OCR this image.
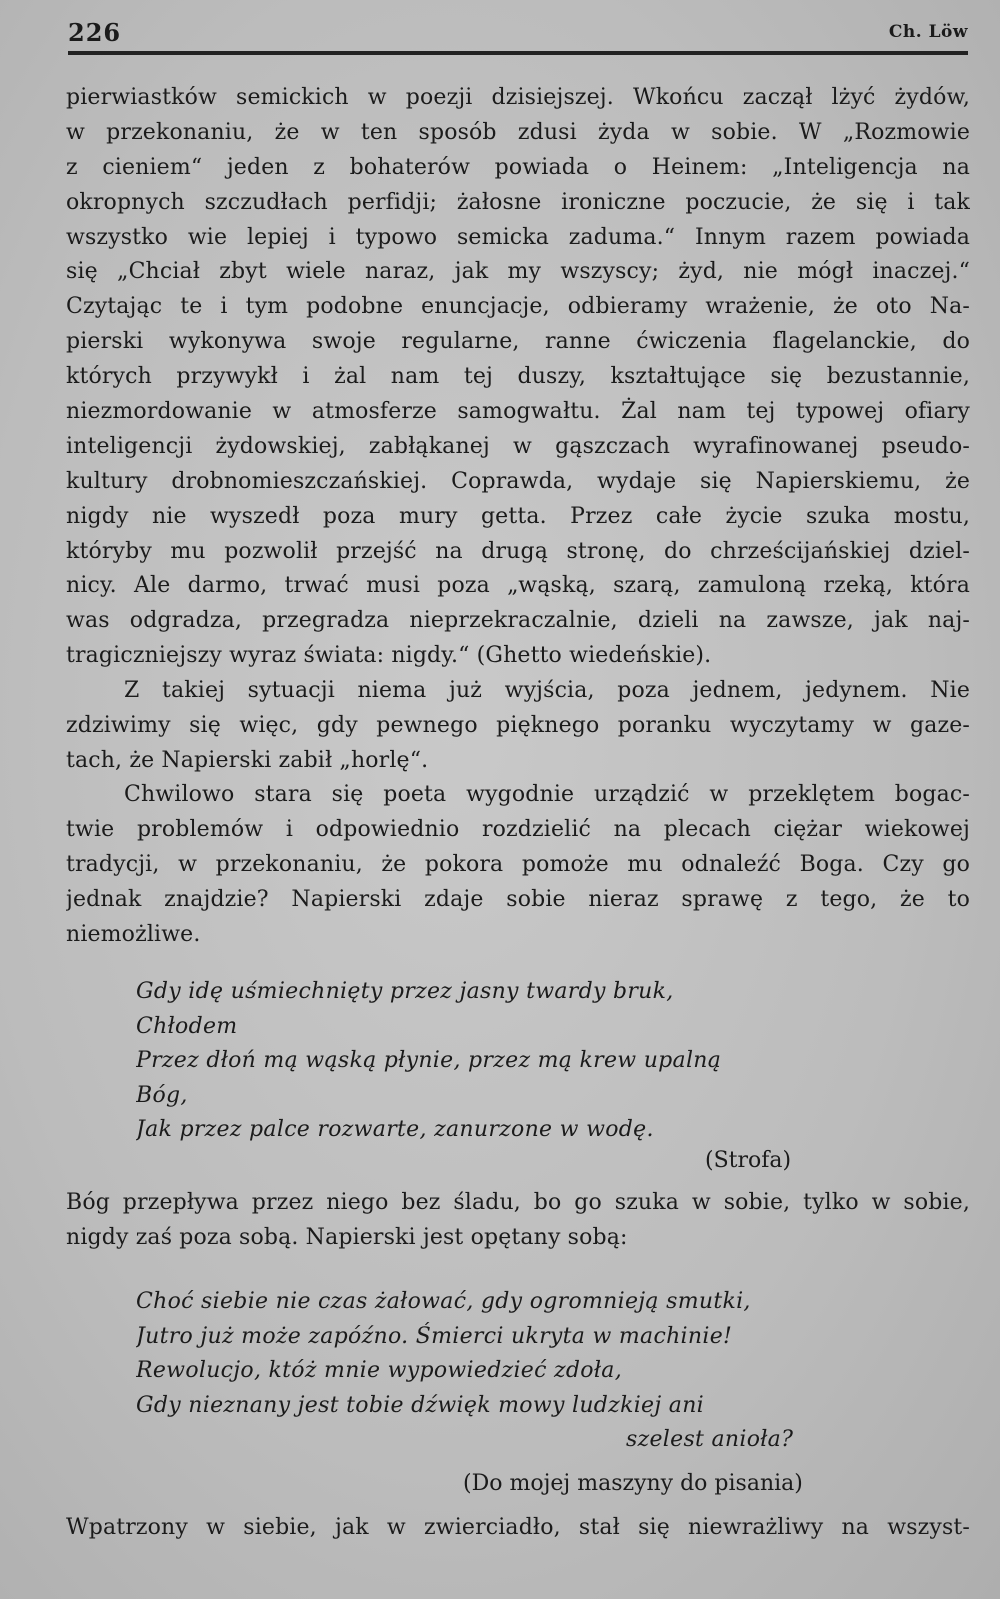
226	Ch. Löw
pierwiastków semickich w poezji dzisiejszej. Wkońcu zaczął lżyć żydów,
w przekonaniu, że w ten sposób zdusi żyda w sobie. W „Rozmowie
z cieniem“ jeden z bohaterów powiada o Heinem: „Inteligencja na
okropnych szczudłach perfidji; żałosne ironiczne poczucie, że się i tak
wszystko wie lepiej i typowo semicka zaduma.“ Innym razem powiada
się „Chciał zbyt wiele naraz, jak my wszyscy; żyd, nie mógł inaczej.“
Czytając te i tym podobne enuncjacje, odbieramy wrażenie, że oto Na-
pierski wykonywa swoje regularne, ranne ćwiczenia flagelanckie, do
których przywykł i żal nam tej duszy, kształtujące się bezustannie,
niezmordowanie w atmosferze samogwałtu. Żal nam tej typowej ofiary
inteligencji żydowskiej, zabłąkanej w gąszczach wyrafinowanej pseudo-
kultury drobnomieszczańskiej. Coprawda, wydaje się Napierskiemu, że
nigdy nie wyszedł poza mury getta. Przez całe życie szuka mostu,
któryby mu pozwolił przejść na drugą stronę, do chrześcijańskiej dziel-
nicy. Ale darmo, trwać musi poza „wąską, szarą, zamuloną rzeką, która
was odgradza, przegradza nieprzekraczalnie, dzieli na zawsze, jak naj-
tragiczniejszy wyraz świata: nigdy.“ (Ghetto wiedeńskie).
Z takiej sytuacji niema już wyjścia, poza jednem, jedynem. Nie
zdziwimy się więc, gdy pewnego pięknego poranku wyczytamy w gaze-
tach, że Napierski zabił „horlę“.
Chwilowo stara się poeta wygodnie urządzić w przeklętem bogac-
twie problemów i odpowiednio rozdzielić na plecach ciężar wiekowej
tradycji, w przekonaniu, że pokora pomoże mu odnaleźć Boga. Czy go
jednak znajdzie? Napierski zdaje sobie nieraz sprawę z tego, że to
niemożliwe.
Gdy idę uśmiechnięty przez jasny twardy bruk,
Chłodem
Przez dłoń mą wąską płynie, przez mą krew upalną
Bóg,
Jak przez palce rozwarte, zanurzone w wodę.
(Strofa)
Bóg przepływa przez niego bez śladu, bo go szuka w sobie, tylko w sobie,
nigdy zaś poza sobą. Napierski jest opętany sobą:
Choć siebie nie czas żałować, gdy ogromnieją smutki,
Jutro już może zapóźno. Śmierci ukryta w machinie!
Rewolucjo, któż mnie wypowiedzieć zdoła,
Gdy nieznany jest tobie dźwięk mowy ludzkiej ani
szelest anioła?
(Do mojej maszyny do pisania)
Wpatrzony w siebie, jak w zwierciadło, stał się niewrażliwy na wszyst-
